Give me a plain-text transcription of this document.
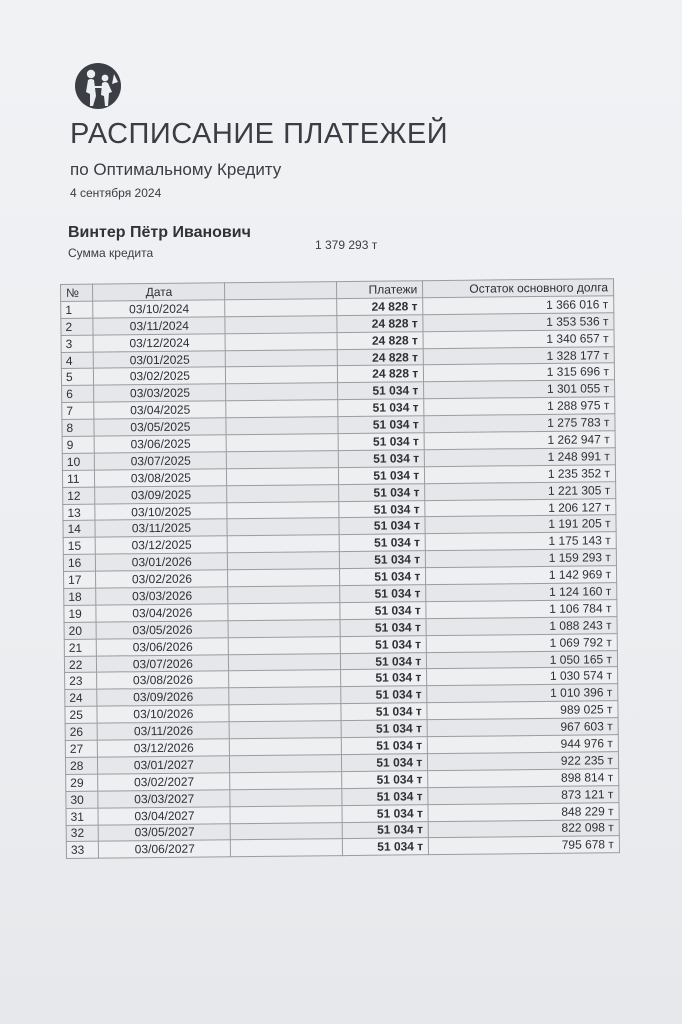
РАСПИСАНИЕ ПЛАТЕЖЕЙ
по Оптимальному Кредиту
4 сентября 2024
Винтер Пётр Иванович
Сумма кредита
1 379 293 т
№	Дата		Платежи	Остаток основного долга
1	03/10/2024		24 828 т	1 366 016 т
2	03/11/2024		24 828 т	1 353 536 т
3	03/12/2024		24 828 т	1 340 657 т
4	03/01/2025		24 828 т	1 328 177 т
5	03/02/2025		24 828 т	1 315 696 т
6	03/03/2025		51 034 т	1 301 055 т
7	03/04/2025		51 034 т	1 288 975 т
8	03/05/2025		51 034 т	1 275 783 т
9	03/06/2025		51 034 т	1 262 947 т
10	03/07/2025		51 034 т	1 248 991 т
11	03/08/2025		51 034 т	1 235 352 т
12	03/09/2025		51 034 т	1 221 305 т
13	03/10/2025		51 034 т	1 206 127 т
14	03/11/2025		51 034 т	1 191 205 т
15	03/12/2025		51 034 т	1 175 143 т
16	03/01/2026		51 034 т	1 159 293 т
17	03/02/2026		51 034 т	1 142 969 т
18	03/03/2026		51 034 т	1 124 160 т
19	03/04/2026		51 034 т	1 106 784 т
20	03/05/2026		51 034 т	1 088 243 т
21	03/06/2026		51 034 т	1 069 792 т
22	03/07/2026		51 034 т	1 050 165 т
23	03/08/2026		51 034 т	1 030 574 т
24	03/09/2026		51 034 т	1 010 396 т
25	03/10/2026		51 034 т	989 025 т
26	03/11/2026		51 034 т	967 603 т
27	03/12/2026		51 034 т	944 976 т
28	03/01/2027		51 034 т	922 235 т
29	03/02/2027		51 034 т	898 814 т
30	03/03/2027		51 034 т	873 121 т
31	03/04/2027		51 034 т	848 229 т
32	03/05/2027		51 034 т	822 098 т
33	03/06/2027		51 034 т	795 678 т
